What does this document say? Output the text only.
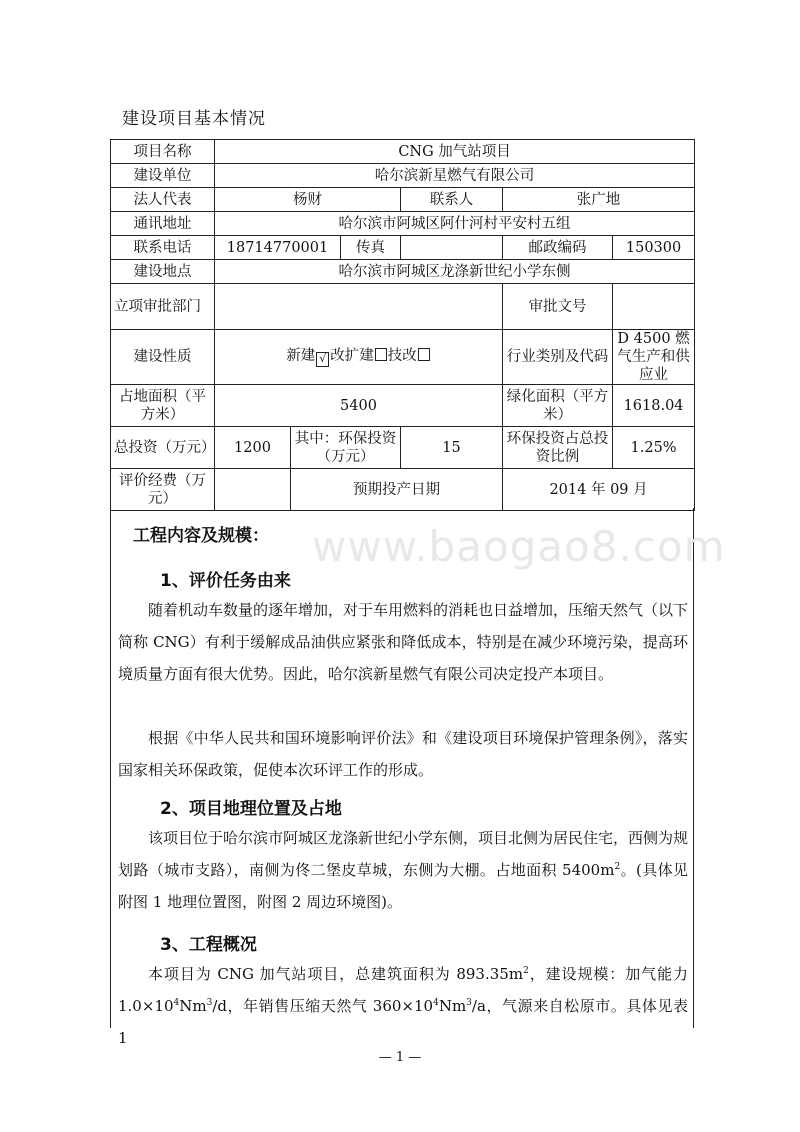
建设项目基本情况
项目名称	CNG 加气站项目					
建设单位	哈尔滨新星燃气有限公司					
法人代表	杨财			联系人	张广地	
通讯地址	哈尔滨市阿城区阿什河村平安村五组					
联系电话	18714770001		传真		邮政编码	150300
建设地点	哈尔滨市阿城区龙涤新世纪小学东侧					
立项审批部门					审批文号	
建设性质	新建 √ 改扩建 技改				行业类别及代码	D 4500 燃气生产和供应业
占地面积（平方米）	5400				绿化面积（平方米）	1618.04
总投资（万元）	1200	其中：环保投资（万元）		15	环保投资占总投资比例	1.25%
评价经费（万元）		预期投产日期			2014 年 09 月	
www.baogao8.com
工程内容及规模：
1、评价任务由来

随着机动车数量的逐年增加，对于车用燃料的消耗也日益增加，压缩天然气（以下简称 CNG）有利于缓解成品油供应紧张和降低成本，特别是在减少环境污染，提高环境质量方面有很大优势。因此，哈尔滨新星燃气有限公司决定投产本项目。

根据《中华人民共和国环境影响评价法》和《建设项目环境保护管理条例》，落实国家相关环保政策，促使本次环评工作的形成。

2、项目地理位置及占地

该项目位于哈尔滨市阿城区龙涤新世纪小学东侧，项目北侧为居民住宅，西侧为规划路（城市支路），南侧为佟二堡皮草城，东侧为大棚。占地面积 $5400m^2$。(具体见附图 1 地理位置图，附图 2 周边环境图)。

3、工程概况

本项目为 CNG 加气站项目，总建筑面积为 $893.35m^2$，建设规模：加气能力 $1.0\times 10^4Nm^3/d$，年销售压缩天然气 $360\times 10^4Nm^3/a$，气源来自松原市。具体见表 1

— 1 —
